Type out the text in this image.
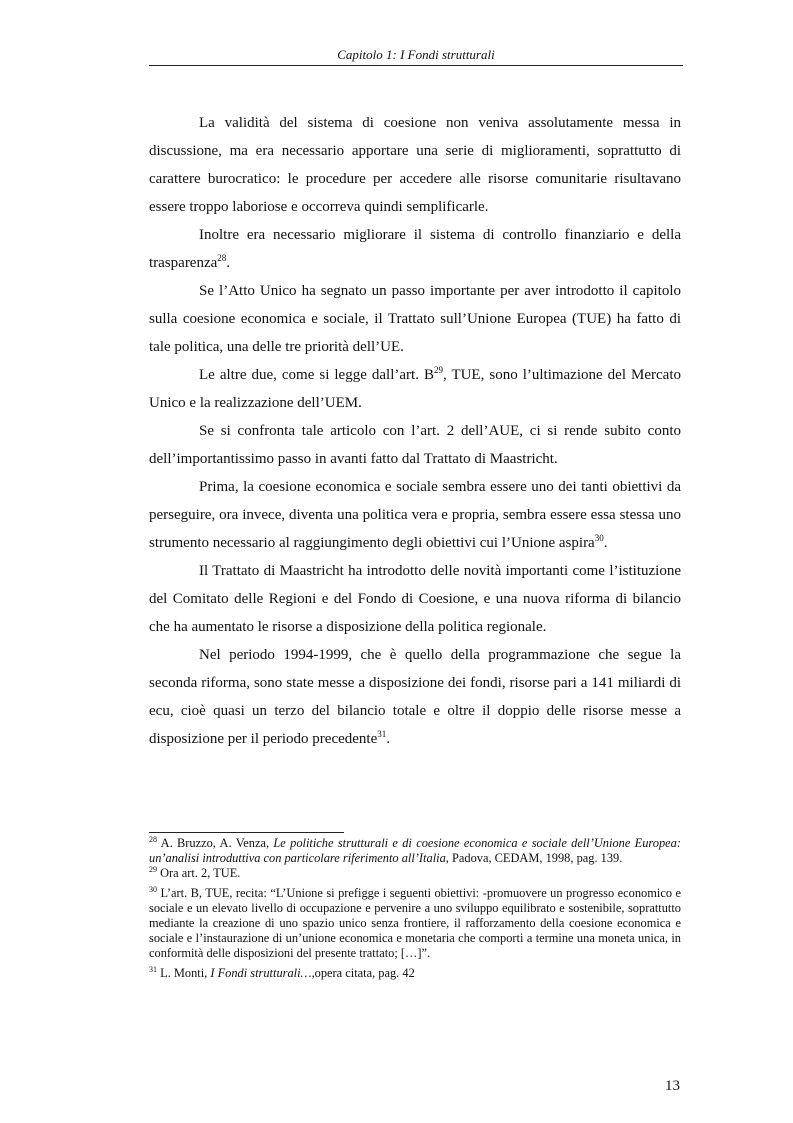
Capitolo 1: I Fondi strutturali

La validità del sistema di coesione non veniva assolutamente messa in discussione, ma era necessario apportare una serie di miglioramenti, soprattutto di carattere burocratico: le procedure per accedere alle risorse comunitarie risultavano essere troppo laboriose e occorreva quindi semplificarle.

Inoltre era necessario migliorare il sistema di controllo finanziario e della trasparenza$^{28}$.

Se l’Atto Unico ha segnato un passo importante per aver introdotto il capitolo sulla coesione economica e sociale, il Trattato sull’Unione Europea (TUE) ha fatto di tale politica, una delle tre priorità dell’UE.

Le altre due, come si legge dall’art. $B^{29}$, TUE, sono l’ultimazione del Mercato Unico e la realizzazione dell’UEM.

Se si confronta tale articolo con l’art. 2 dell’AUE, ci si rende subito conto dell’importantissimo passo in avanti fatto dal Trattato di Maastricht.

Prima, la coesione economica e sociale sembra essere uno dei tanti obiettivi da perseguire, ora invece, diventa una politica vera e propria, sembra essere essa stessa uno strumento necessario al raggiungimento degli obiettivi cui l’Unione aspira$^{30}$.

Il Trattato di Maastricht ha introdotto delle novità importanti come l’istituzione del Comitato delle Regioni e del Fondo di Coesione, e una nuova riforma di bilancio che ha aumentato le risorse a disposizione della politica regionale.

Nel periodo 1994-1999, che è quello della programmazione che segue la seconda riforma, sono state messe a disposizione dei fondi, risorse pari a 141 miliardi di ecu, cioè quasi un terzo del bilancio totale e oltre il doppio delle risorse messe a disposizione per il periodo precedente$^{31}$.

$^{28}$ A. Bruzzo, A. Venza, Le politiche strutturali e di coesione economica e sociale dell’Unione Europea: un’analisi introduttiva con particolare riferimento all’Italia, Padova, CEDAM, 1998, pag. 139.

$^{29}$ Ora art. 2, TUE.

$^{30}$ L’art. B, TUE, recita: “L’Unione si prefigge i seguenti obiettivi: -promuovere un progresso economico e sociale e un elevato livello di occupazione e pervenire a uno sviluppo equilibrato e sostenibile, soprattutto mediante la creazione di uno spazio unico senza frontiere, il rafforzamento della coesione economica e sociale e l’instaurazione di un’unione economica e monetaria che comporti a termine una moneta unica, in conformità delle disposizioni del presente trattato; […]”.

$^{31}$ L. Monti, I Fondi strutturali…,opera citata, pag. 42

13
